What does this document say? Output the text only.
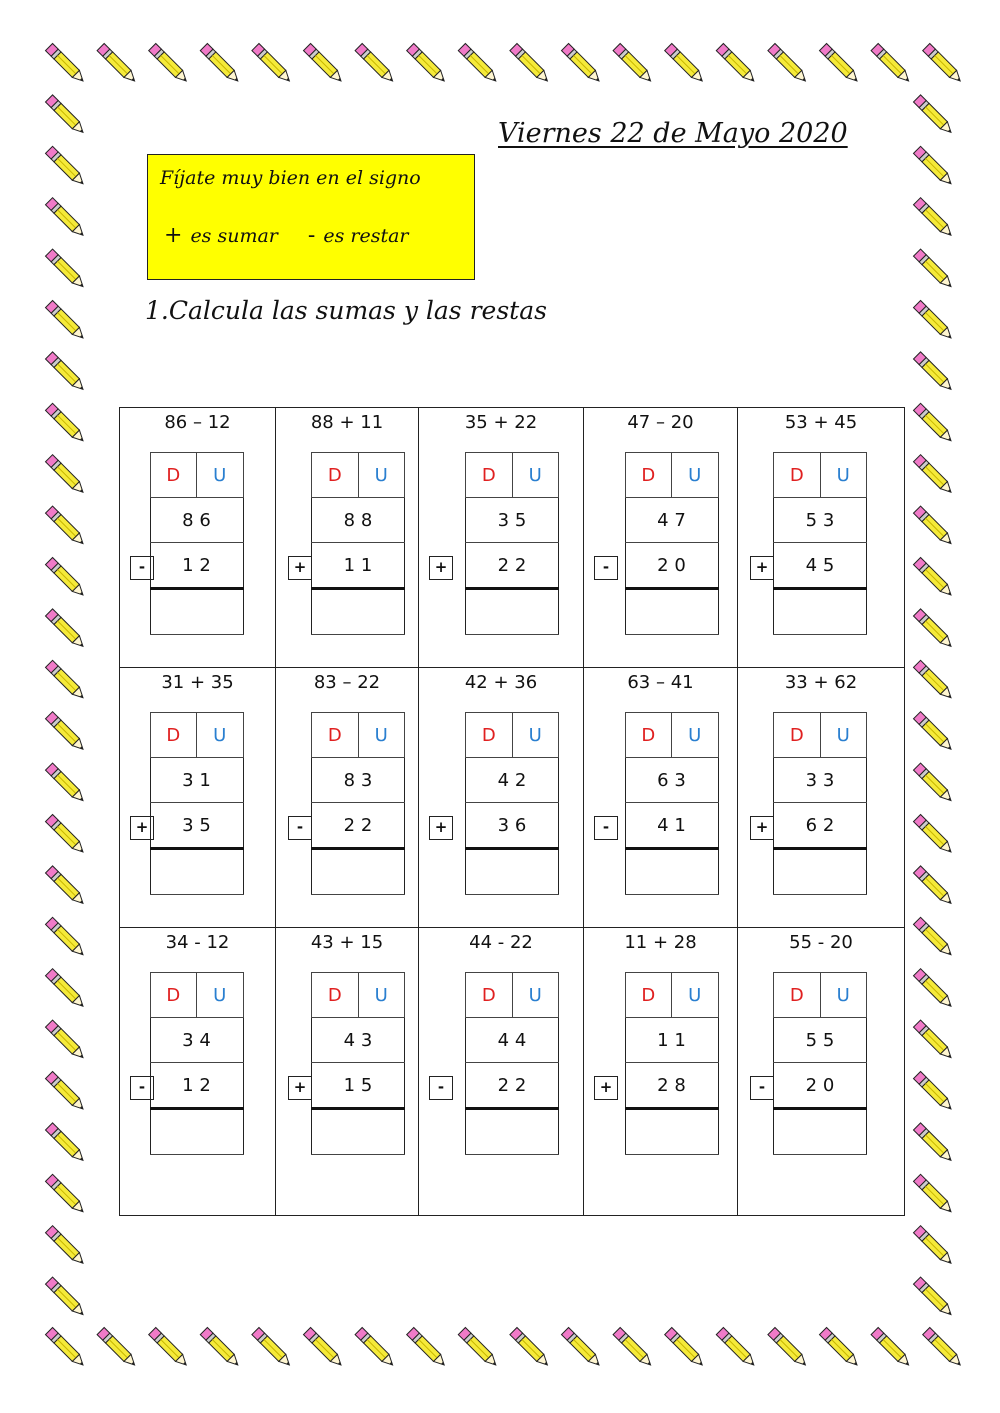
Viernes 22 de Mayo 2020
Fíjate muy bien en el signo
+ es sumar - es restar
1.Calcula las sumas y las restas
86 – 12
-
D	U
8 6
1 2

88 + 11
+
D	U
8 8
1 1

35 + 22
+
D	U
3 5
2 2

47 – 20
-
D	U
4 7
2 0

53 + 45
+
D	U
5 3
4 5

31 + 35
+
D	U
3 1
3 5

83 – 22
-
D	U
8 3
2 2

42 + 36
+
D	U
4 2
3 6

63 – 41
-
D	U
6 3
4 1

33 + 62
+
D	U
3 3
6 2

34 - 12
-
D	U
3 4
1 2

43 + 15
+
D	U
4 3
1 5

44 - 22
-
D	U
4 4
2 2

11 + 28
+
D	U
1 1
2 8

55 - 20
-
D	U
5 5
2 0
